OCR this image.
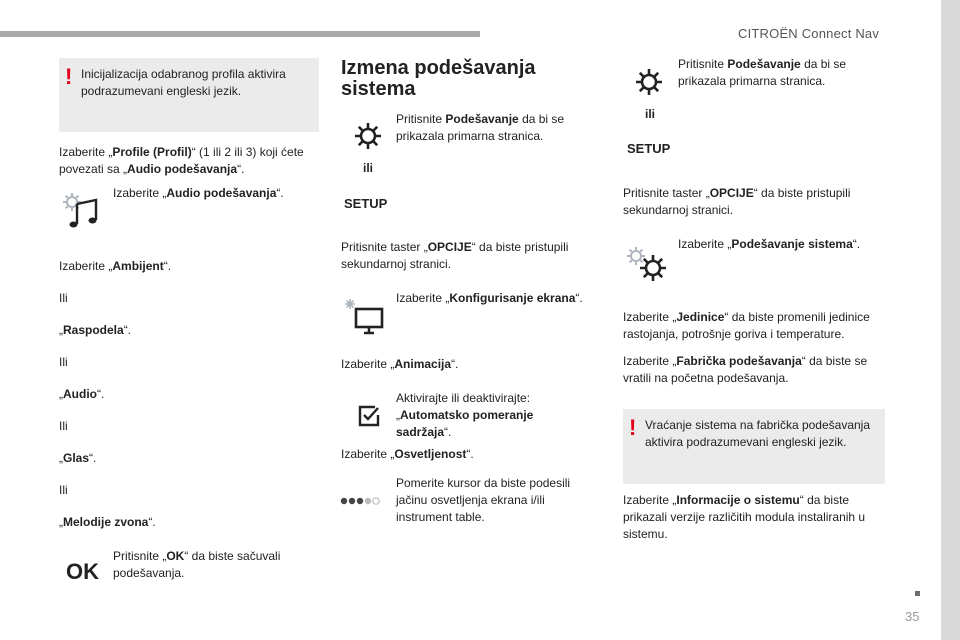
CITROËN Connect Nav
35
! Inicijalizacija odabranog profila aktivira podrazumevani engleski jezik.
Izaberite „Profile (Profil)“ (1 ili 2 ili 3) koji ćete povezati sa „Audio podešavanja“.
Izaberite „Audio podešavanja“.
Izaberite „Ambijent“.
Ili
„Raspodela“.
Ili
„Audio“.
Ili
„Glas“.
Ili
„Melodije zvona“.
OK
Pritisnite „OK“ da biste sačuvali podešavanja.
Izmena podešavanja sistema
Pritisnite Podešavanje da bi se prikazala primarna stranica.
ili
SETUP
Pritisnite taster „OPCIJE“ da biste pristupili sekundarnoj stranici.
Izaberite „Konfigurisanje ekrana“.
Izaberite „Animacija“.
Aktivirajte ili deaktivirajte: „Automatsko pomeranje sadržaja“.
Izaberite „Osvetljenost“.
Pomerite kursor da biste podesili jačinu osvetljenja ekrana i/ili instrument table.
Pritisnite Podešavanje da bi se prikazala primarna stranica.
ili
SETUP
Pritisnite taster „OPCIJE“ da biste pristupili sekundarnoj stranici.
Izaberite „Podešavanje sistema“.
Izaberite „Jedinice“ da biste promenili jedinice rastojanja, potrošnje goriva i temperature.
Izaberite „Fabrička podešavanja“ da biste se vratili na početna podešavanja.
! Vraćanje sistema na fabrička podešavanja aktivira podrazumevani engleski jezik.
Izaberite „Informacije o sistemu“ da biste prikazali verzije različitih modula instaliranih u sistemu.
